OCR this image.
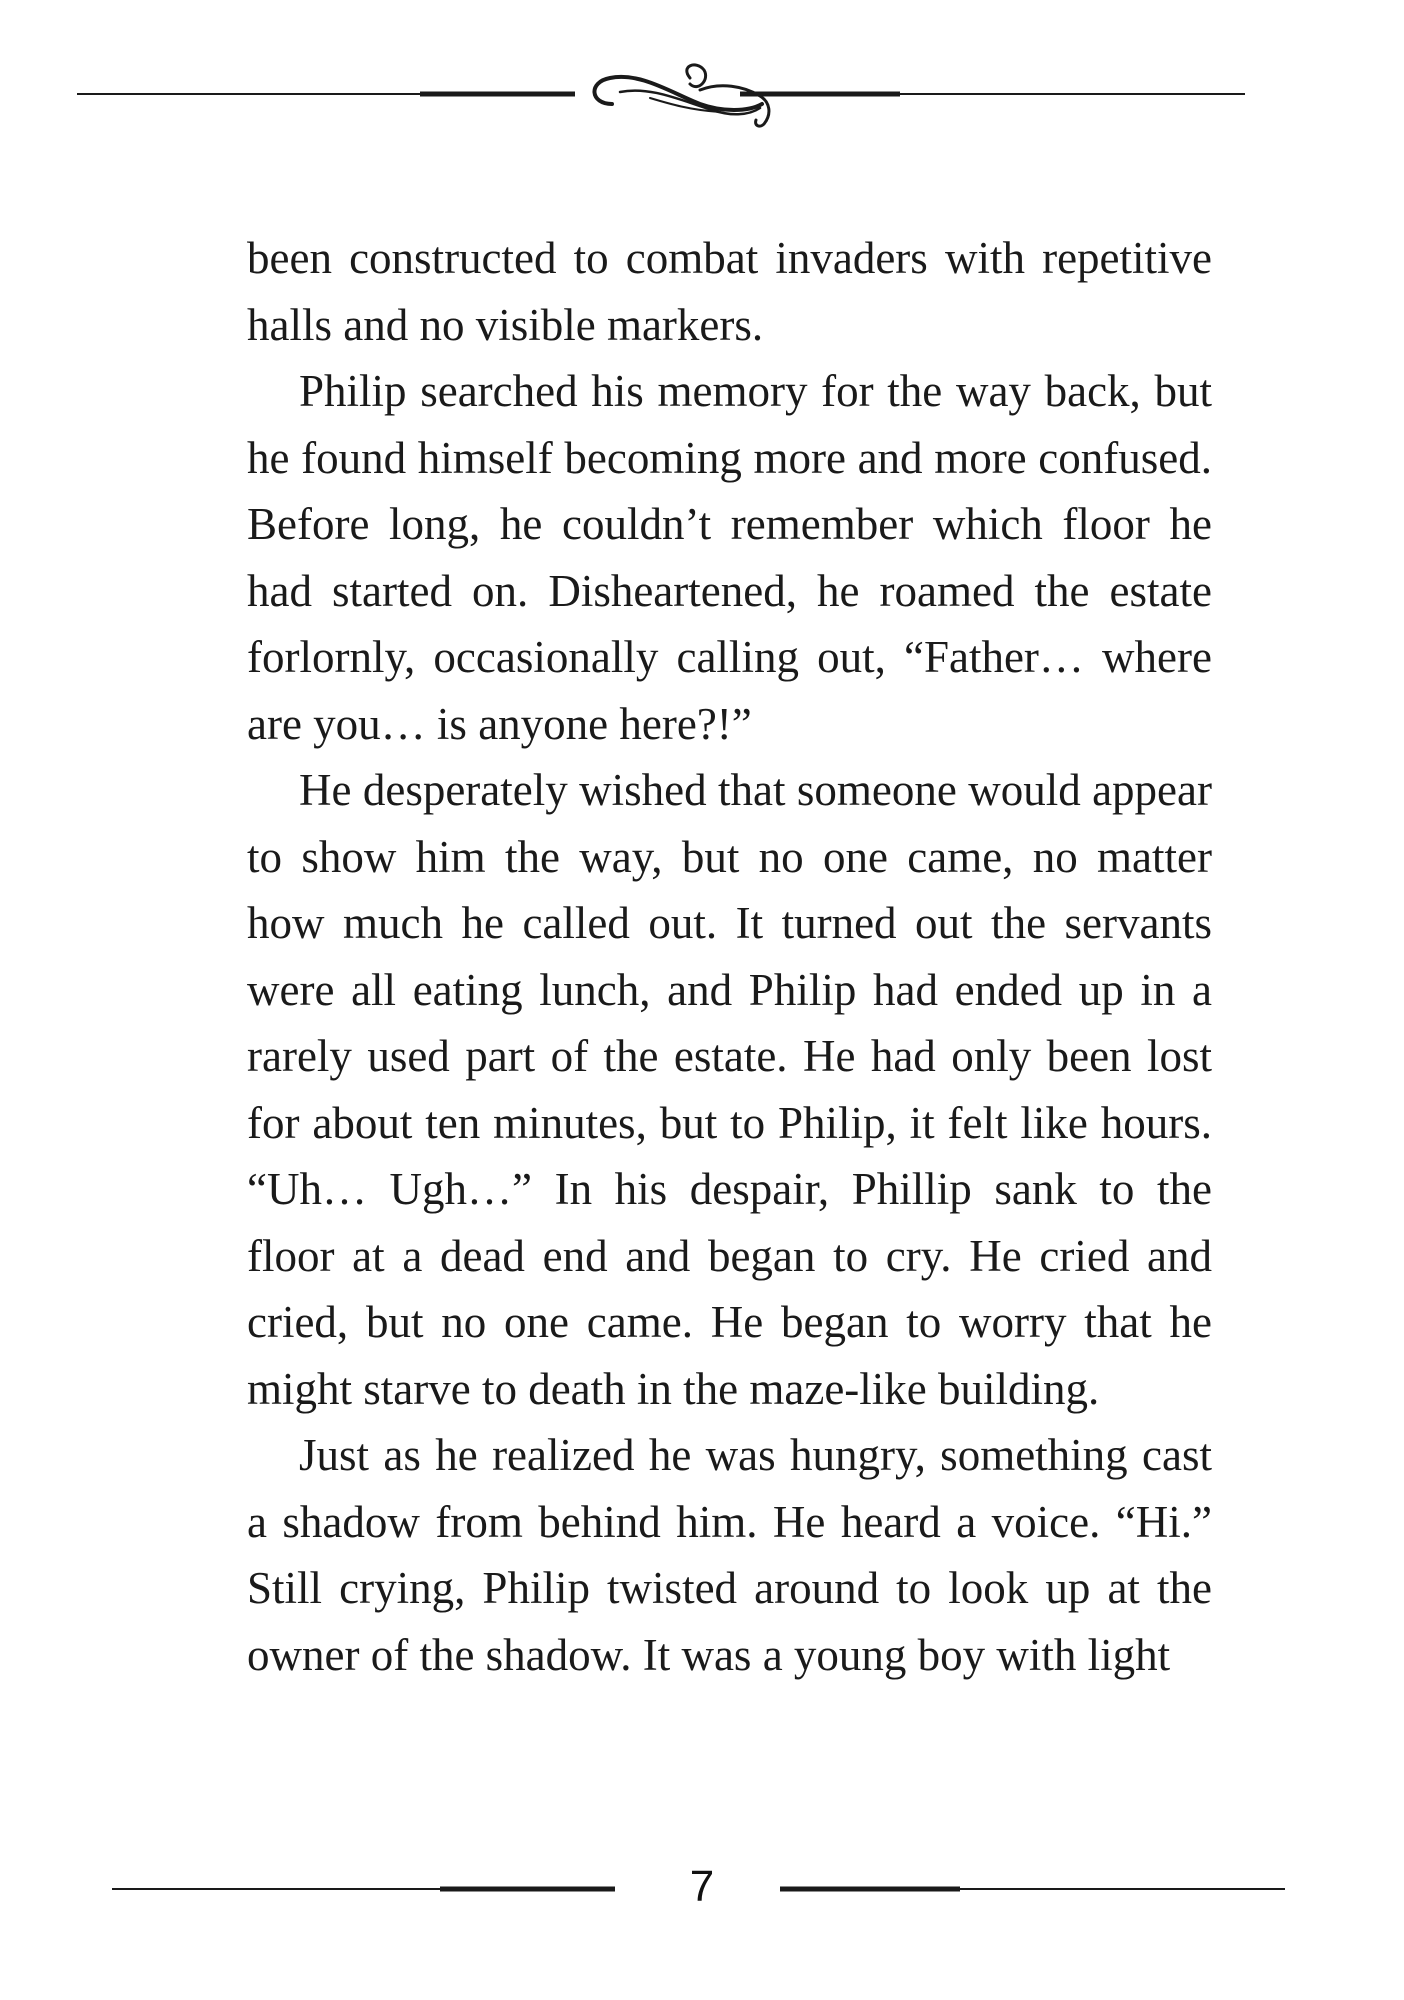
been constructed to combat invaders with repetitive halls and no visible markers.

Philip searched his memory for the way back, but he found himself becoming more and more confused. Before long, he couldn’t remember which floor he had started on. Disheartened, he roamed the estate forlornly, occasionally calling out, “Father… where are you… is anyone here?!”

He desperately wished that someone would appear to show him the way, but no one came, no matter how much he called out. It turned out the servants were all eating lunch, and Philip had ended up in a rarely used part of the estate. He had only been lost for about ten minutes, but to Philip, it felt like hours. “Uh… Ugh…” In his despair, Phillip sank to the floor at a dead end and began to cry. He cried and cried, but no one came. He began to worry that he might starve to death in the maze-like building.

Just as he realized he was hungry, something cast a shadow from behind him. He heard a voice. “Hi.” Still crying, Philip twisted around to look up at the owner of the shadow. It was a young boy with light

7
